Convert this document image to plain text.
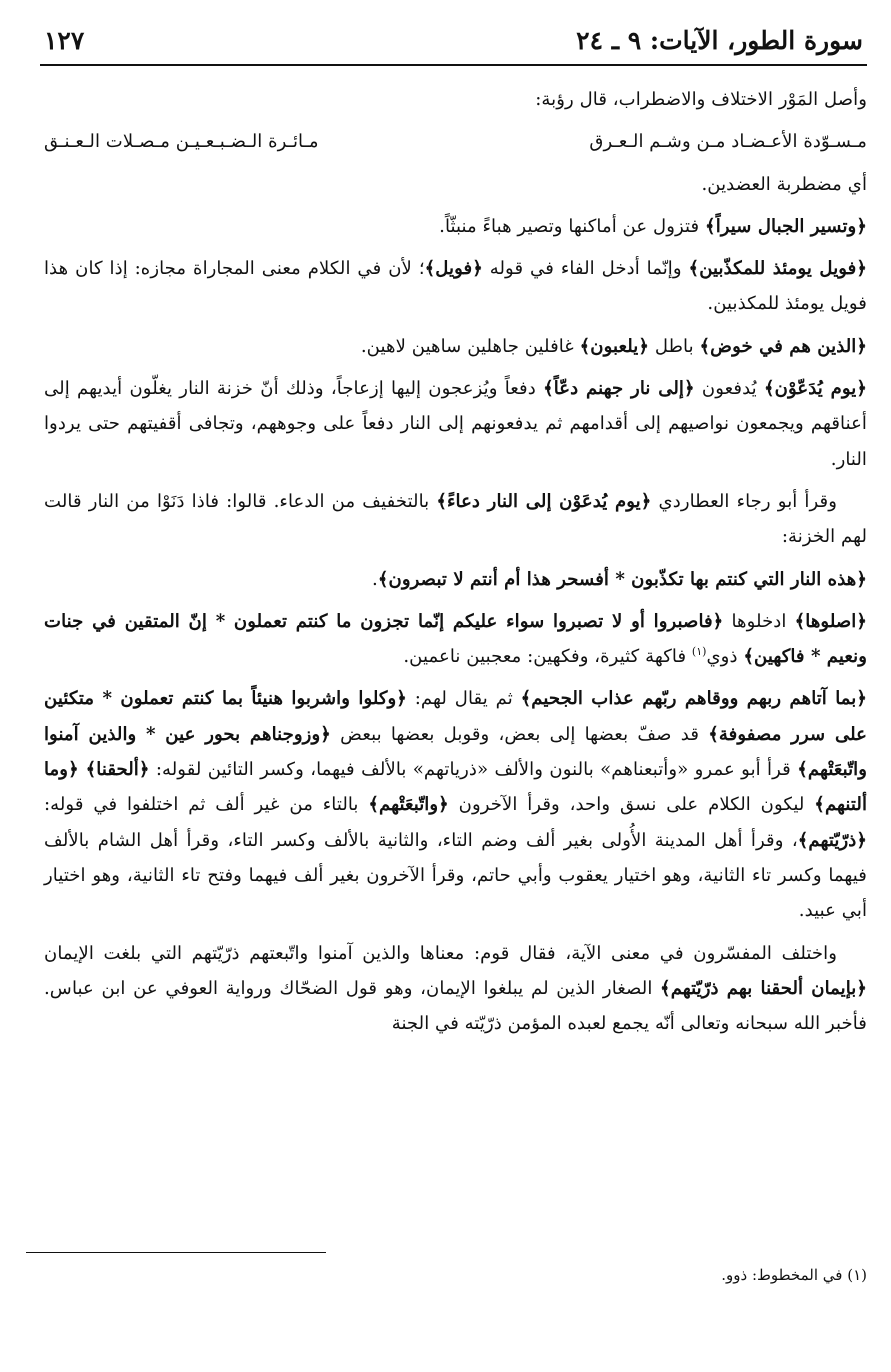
سورة الطور، الآيات: ٩ ـ ٢٤
١٢٧

وأصل المَوْر الاختلاف والاضطراب، قال رؤبة:

مـسـوّدة الأعـضـاد مـن وشـم الـعـرق
مـائـرة الـضـبـعـيـن مـصـلات الـعـنـق

أي مضطربة العضدين.

﴿وتسير الجبال سيراً﴾ فتزول عن أماكنها وتصير هباءً منبثّاً.

﴿فويل يومئذ للمكذّبين﴾ وإنّما أدخل الفاء في قوله ﴿فويل﴾؛ لأن في الكلام معنى المجاراة مجازه: إذا كان هذا فويل يومئذ للمكذبين.

﴿الذين هم في خوض﴾ باطل ﴿يلعبون﴾ غافلين جاهلين ساهين لاهين.

﴿يوم يُدَعّوْن﴾ يُدفعون ﴿إلى نار جهنم دعّاً﴾ دفعاً ويُزعجون إليها إزعاجاً، وذلك أنّ خزنة النار يغلّون أيديهم إلى أعناقهم ويجمعون نواصيهم إلى أقدامهم ثم يدفعونهم إلى النار دفعاً على وجوههم، وتجافى أقفيتهم حتى يردوا النار.

وقرأ أبو رجاء العطاردي ﴿يوم يُدعَوْن إلى النار دعاءً﴾ بالتخفيف من الدعاء. قالوا: فاذا دَنَوْا من النار قالت لهم الخزنة:

﴿هذه النار التي كنتم بها تكذّبون * أفسحر هذا أم أنتم لا تبصرون﴾.

﴿اصلوها﴾ ادخلوها ﴿فاصبروا أو لا تصبروا سواء عليكم إنّما تجزون ما كنتم تعملون * إنّ المتقين في جنات ونعيم * فاكهين﴾ ذوي$^{(١)}$ فاكهة كثيرة، وفكهين: معجبين ناعمين.

﴿بما آتاهم ربهم ووقاهم ربّهم عذاب الجحيم﴾ ثم يقال لهم: ﴿وكلوا واشربوا هنيئاً بما كنتم تعملون * متكئين على سرر مصفوفة﴾ قد صفّ بعضها إلى بعض، وقوبل بعضها ببعض ﴿وزوجناهم بحور عين * والذين آمنوا واتّبعَتْهم﴾ قرأ أبو عمرو «وأتبعناهم» بالنون والألف «ذرياتهم» بالألف فيهما، وكسر التائين لقوله: ﴿ألحقنا﴾ ﴿وما ألتنهم﴾ ليكون الكلام على نسق واحد، وقرأ الآخرون ﴿واتّبعَتْهم﴾ بالتاء من غير ألف ثم اختلفوا في قوله: ﴿ذرّيّتهم﴾، وقرأ أهل المدينة الأُولى بغير ألف وضم التاء، والثانية بالألف وكسر التاء، وقرأ أهل الشام بالألف فيهما وكسر تاء الثانية، وهو اختيار يعقوب وأبي حاتم، وقرأ الآخرون بغير ألف فيهما وفتح تاء الثانية، وهو اختيار أبي عبيد.

واختلف المفسّرون في معنى الآية، فقال قوم: معناها والذين آمنوا واتّبعتهم ذرّيّتهم التي بلغت الإيمان ﴿بإيمان ألحقنا بهم ذرّيّتهم﴾ الصغار الذين لم يبلغوا الإيمان، وهو قول الضحّاك ورواية العوفي عن ابن عباس. فأخبر الله سبحانه وتعالى أنّه يجمع لعبده المؤمن ذرّيّته في الجنة

(١) في المخطوط: ذوو.
